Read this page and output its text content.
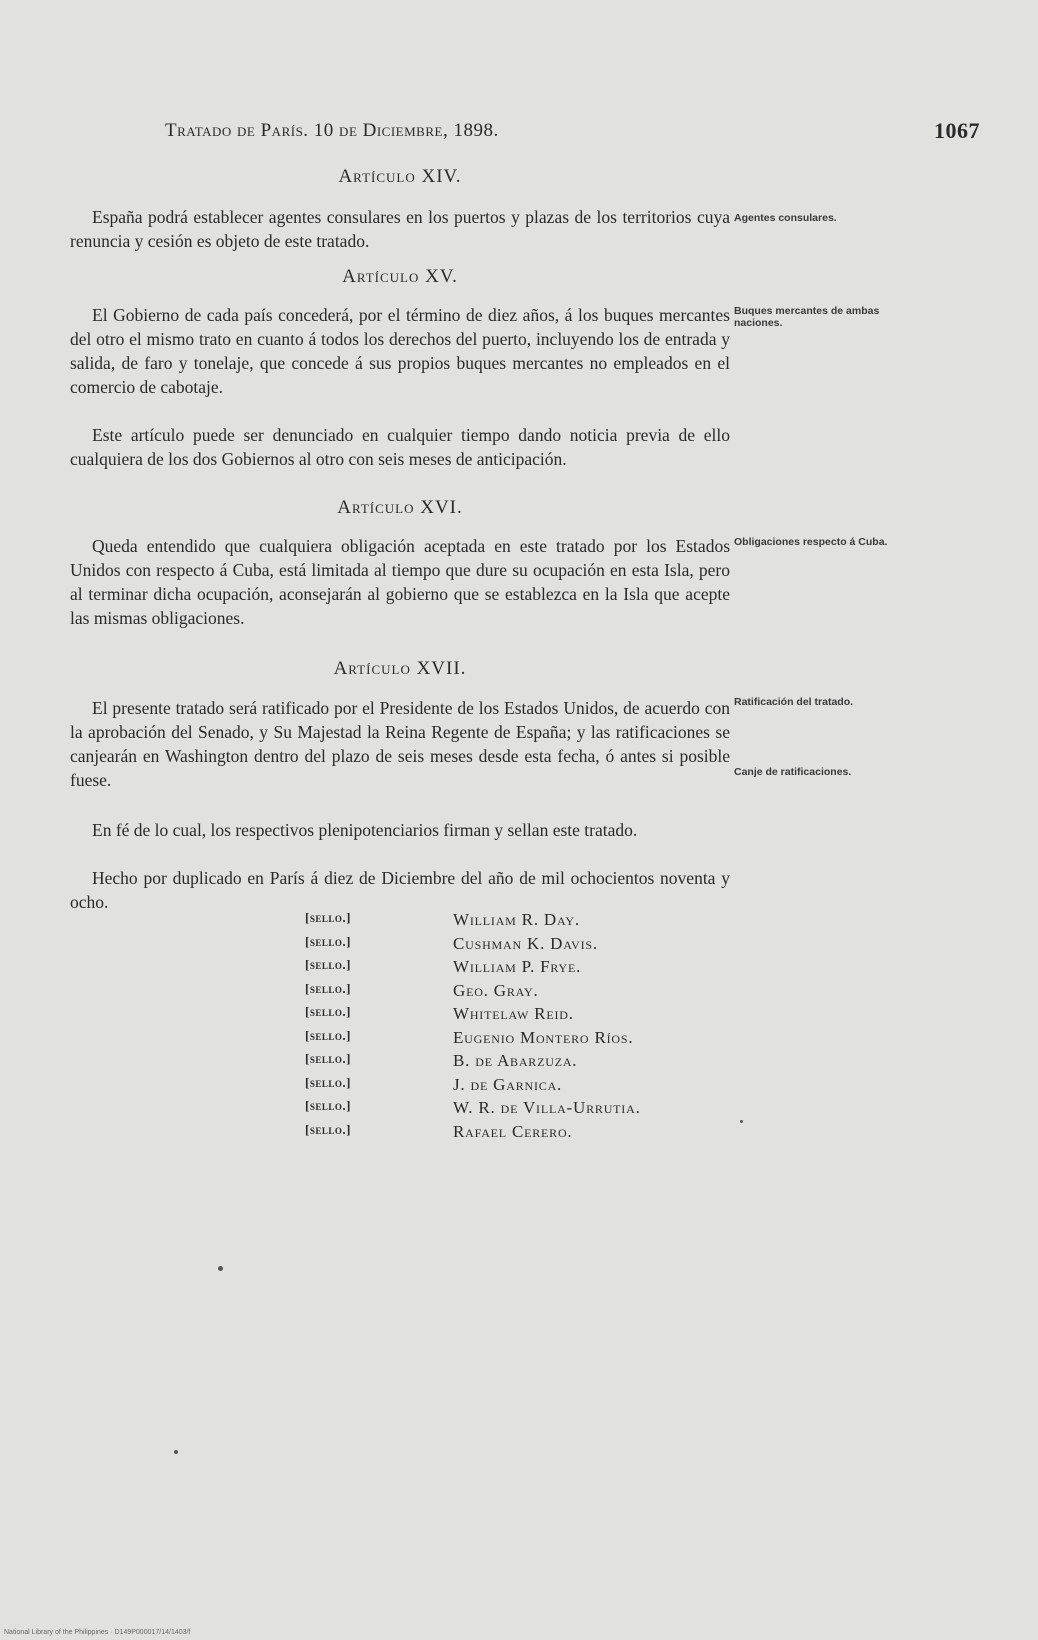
Tratado de París. 10 de Diciembre, 1898.	1067
Artículo XIV.

España podrá establecer agentes consulares en los puertos y plazas de los territorios cuya renuncia y cesión es objeto de este tratado.

Agentes consulares.
Artículo XV.

El Gobierno de cada país concederá, por el término de diez años, á los buques mercantes del otro el mismo trato en cuanto á todos los derechos del puerto, incluyendo los de entrada y salida, de faro y tonelaje, que concede á sus propios buques mercantes no empleados en el comercio de cabotaje.

Este artículo puede ser denunciado en cualquier tiempo dando noticia previa de ello cualquiera de los dos Gobiernos al otro con seis meses de anticipación.

Buques mercantes de ambas naciones.
Artículo XVI.

Queda entendido que cualquiera obligación aceptada en este tratado por los Estados Unidos con respecto á Cuba, está limitada al tiempo que dure su ocupación en esta Isla, pero al terminar dicha ocupación, aconsejarán al gobierno que se establezca en la Isla que acepte las mismas obligaciones.

Obligaciones respecto á Cuba.
Artículo XVII.

El presente tratado será ratificado por el Presidente de los Estados Unidos, de acuerdo con la aprobación del Senado, y Su Majestad la Reina Regente de España; y las ratificaciones se canjearán en Washington dentro del plazo de seis meses desde esta fecha, ó antes si posible fuese.

En fé de lo cual, los respectivos plenipotenciarios firman y sellan este tratado.

Hecho por duplicado en París á diez de Diciembre del año de mil ochocientos noventa y ocho.

Ratificación del tratado.
Canje de ratificaciones.
[sello.]	William R. Day.
[sello.]	Cushman K. Davis.
[sello.]	William P. Frye.
[sello.]	Geo. Gray.
[sello.]	Whitelaw Reid.
[sello.]	Eugenio Montero Ríos.
[sello.]	B. de Abarzuza.
[sello.]	J. de Garnica.
[sello.]	W. R. de Villa-Urrutia.
[sello.]	Rafael Cerero.
National Library of the Philippines · D149P000017/14/1403/f
